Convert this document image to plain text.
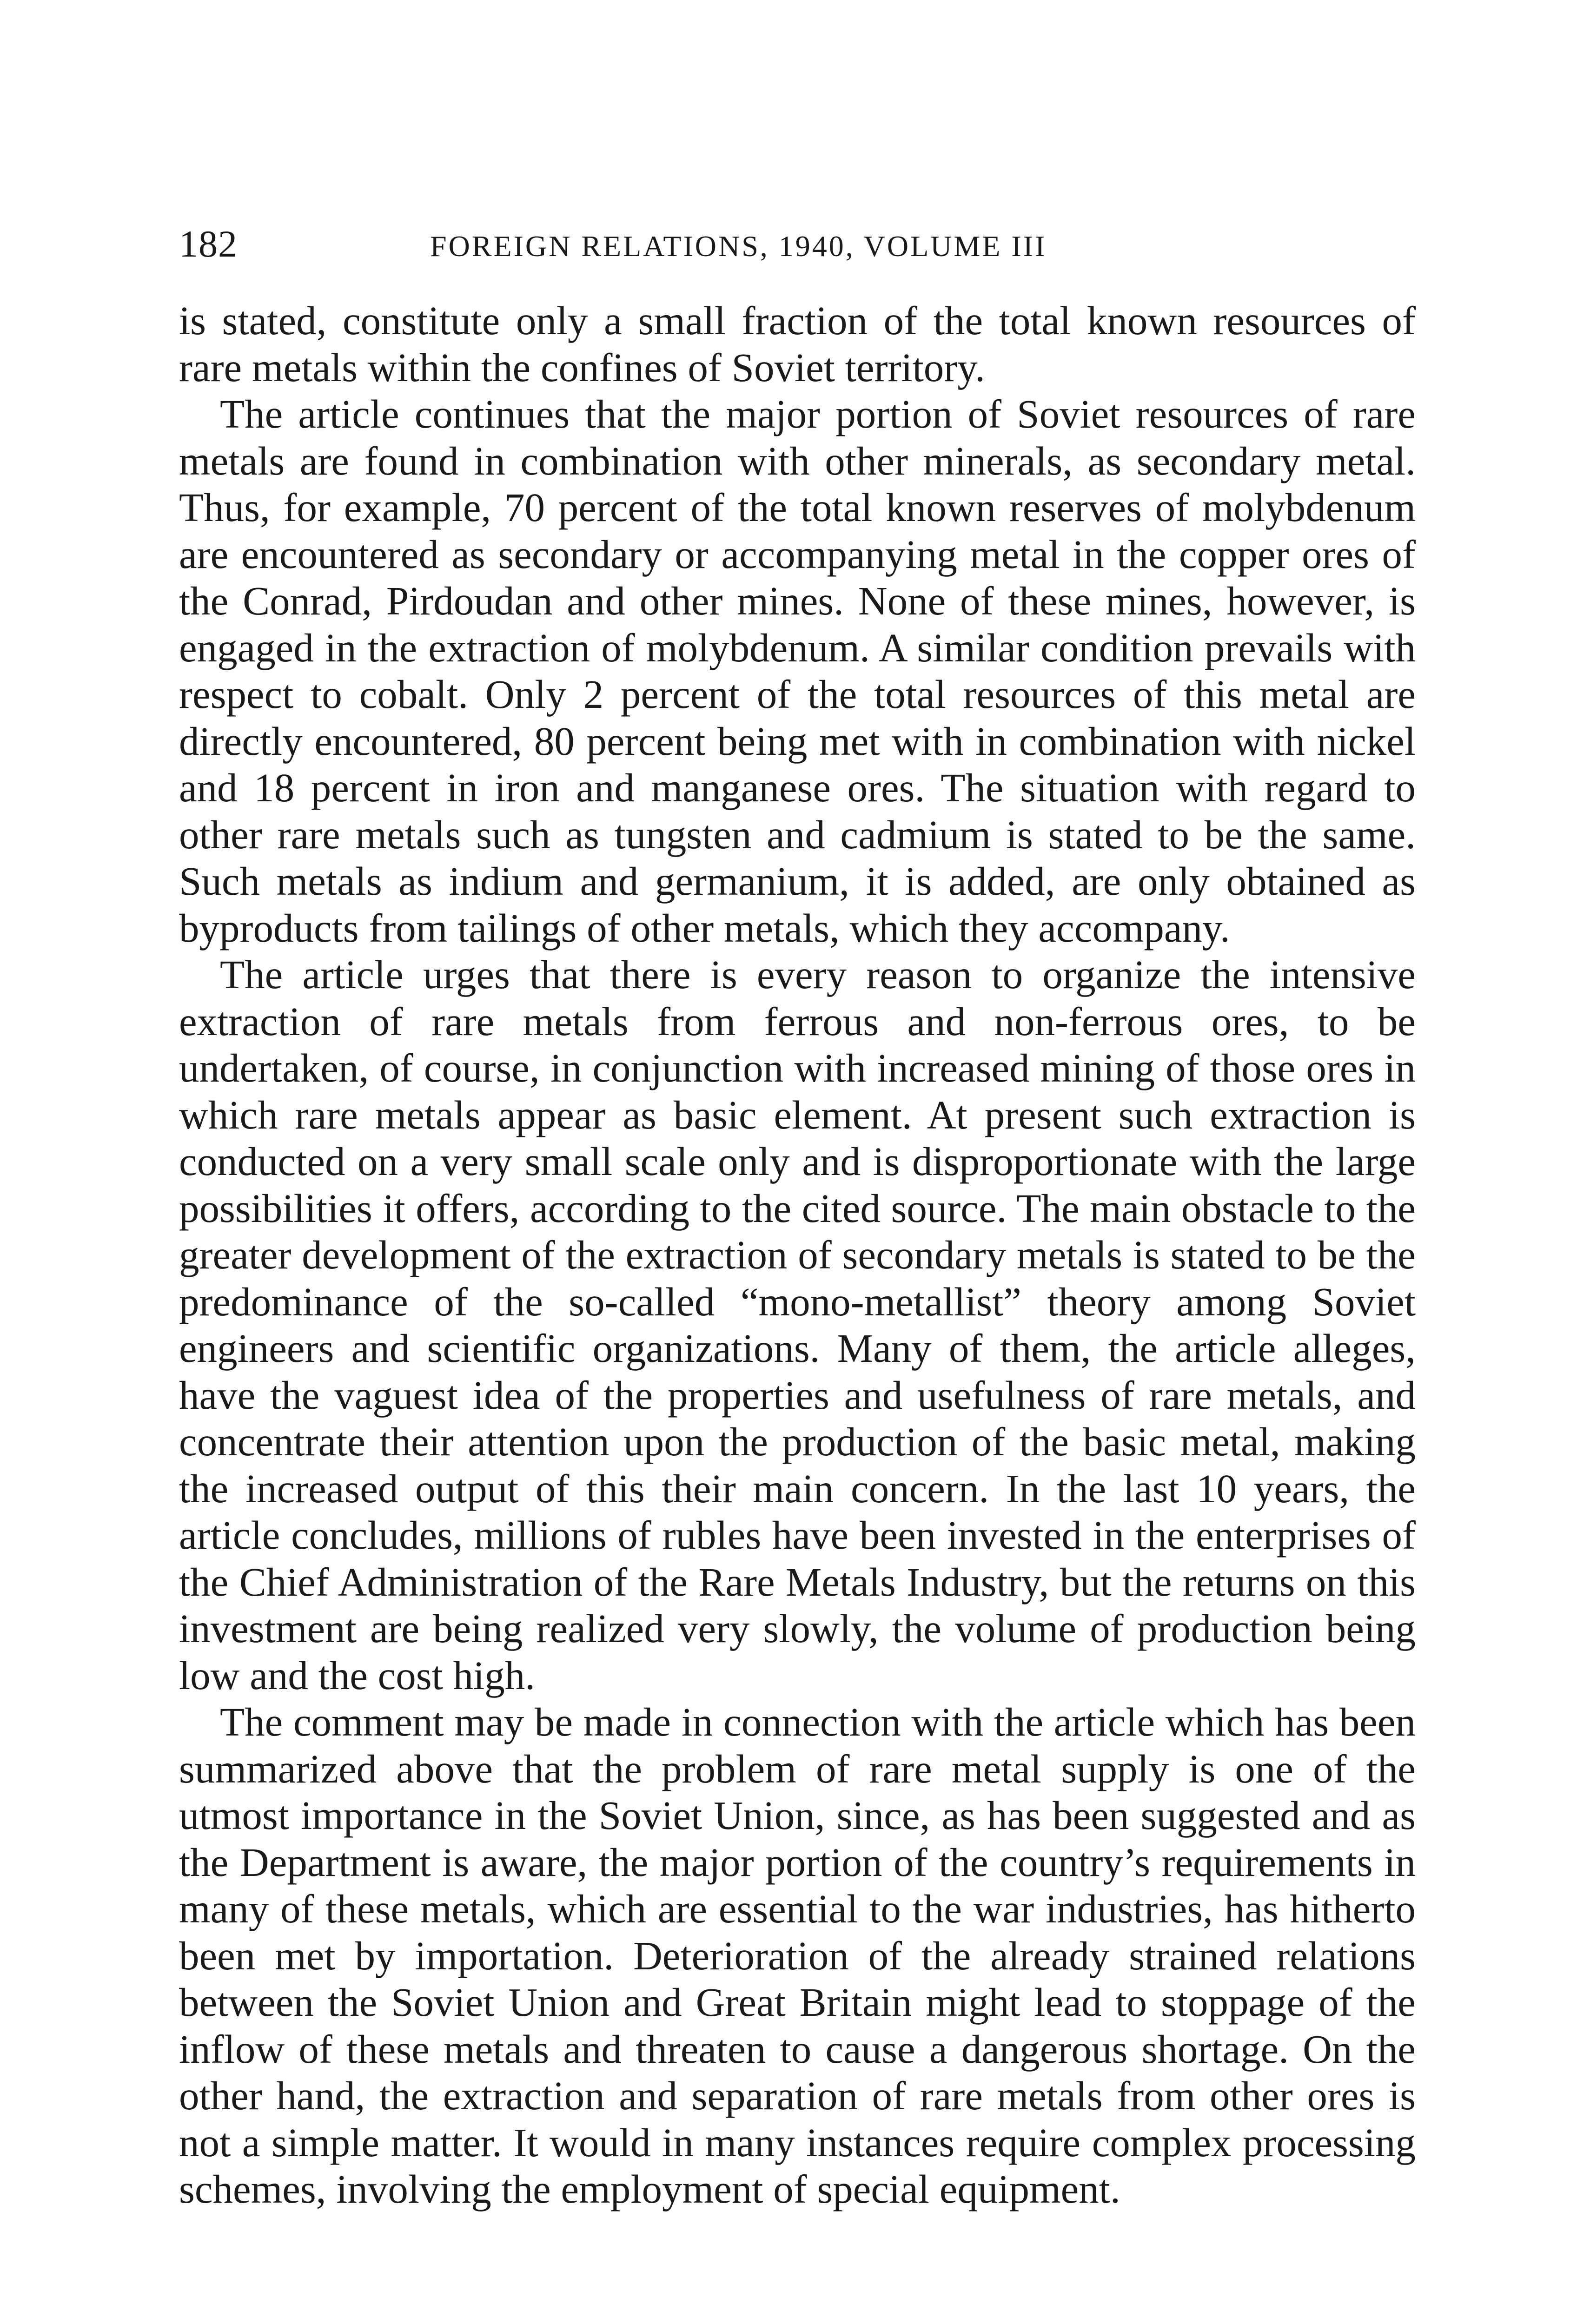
182	FOREIGN RELATIONS, 1940, VOLUME III

is stated, constitute only a small fraction of the total known resources of rare metals within the confines of Soviet territory.

The article continues that the major portion of Soviet resources of rare metals are found in combination with other minerals, as secondary metal. Thus, for example, 70 percent of the total known reserves of molybdenum are encountered as secondary or accompanying metal in the copper ores of the Conrad, Pirdoudan and other mines. None of these mines, however, is engaged in the extraction of molybdenum. A similar condition prevails with respect to cobalt. Only 2 percent of the total resources of this metal are directly encountered, 80 percent being met with in combination with nickel and 18 percent in iron and manganese ores. The situation with regard to other rare metals such as tungsten and cadmium is stated to be the same. Such metals as indium and germanium, it is added, are only obtained as byproducts from tailings of other metals, which they accompany.

The article urges that there is every reason to organize the intensive extraction of rare metals from ferrous and non-ferrous ores, to be undertaken, of course, in conjunction with increased mining of those ores in which rare metals appear as basic element. At present such extraction is conducted on a very small scale only and is disproportionate with the large possibilities it offers, according to the cited source. The main obstacle to the greater development of the extraction of secondary metals is stated to be the predominance of the so-called “mono-metallist” theory among Soviet engineers and scientific organizations. Many of them, the article alleges, have the vaguest idea of the properties and usefulness of rare metals, and concentrate their attention upon the production of the basic metal, making the increased output of this their main concern. In the last 10 years, the article concludes, millions of rubles have been invested in the enterprises of the Chief Administration of the Rare Metals Industry, but the returns on this investment are being realized very slowly, the volume of production being low and the cost high.

The comment may be made in connection with the article which has been summarized above that the problem of rare metal supply is one of the utmost importance in the Soviet Union, since, as has been suggested and as the Department is aware, the major portion of the country’s requirements in many of these metals, which are essential to the war industries, has hitherto been met by importation. Deterioration of the already strained relations between the Soviet Union and Great Britain might lead to stoppage of the inflow of these metals and threaten to cause a dangerous shortage. On the other hand, the extraction and separation of rare metals from other ores is not a simple matter. It would in many instances require complex processing schemes, involving the employment of special equipment.
